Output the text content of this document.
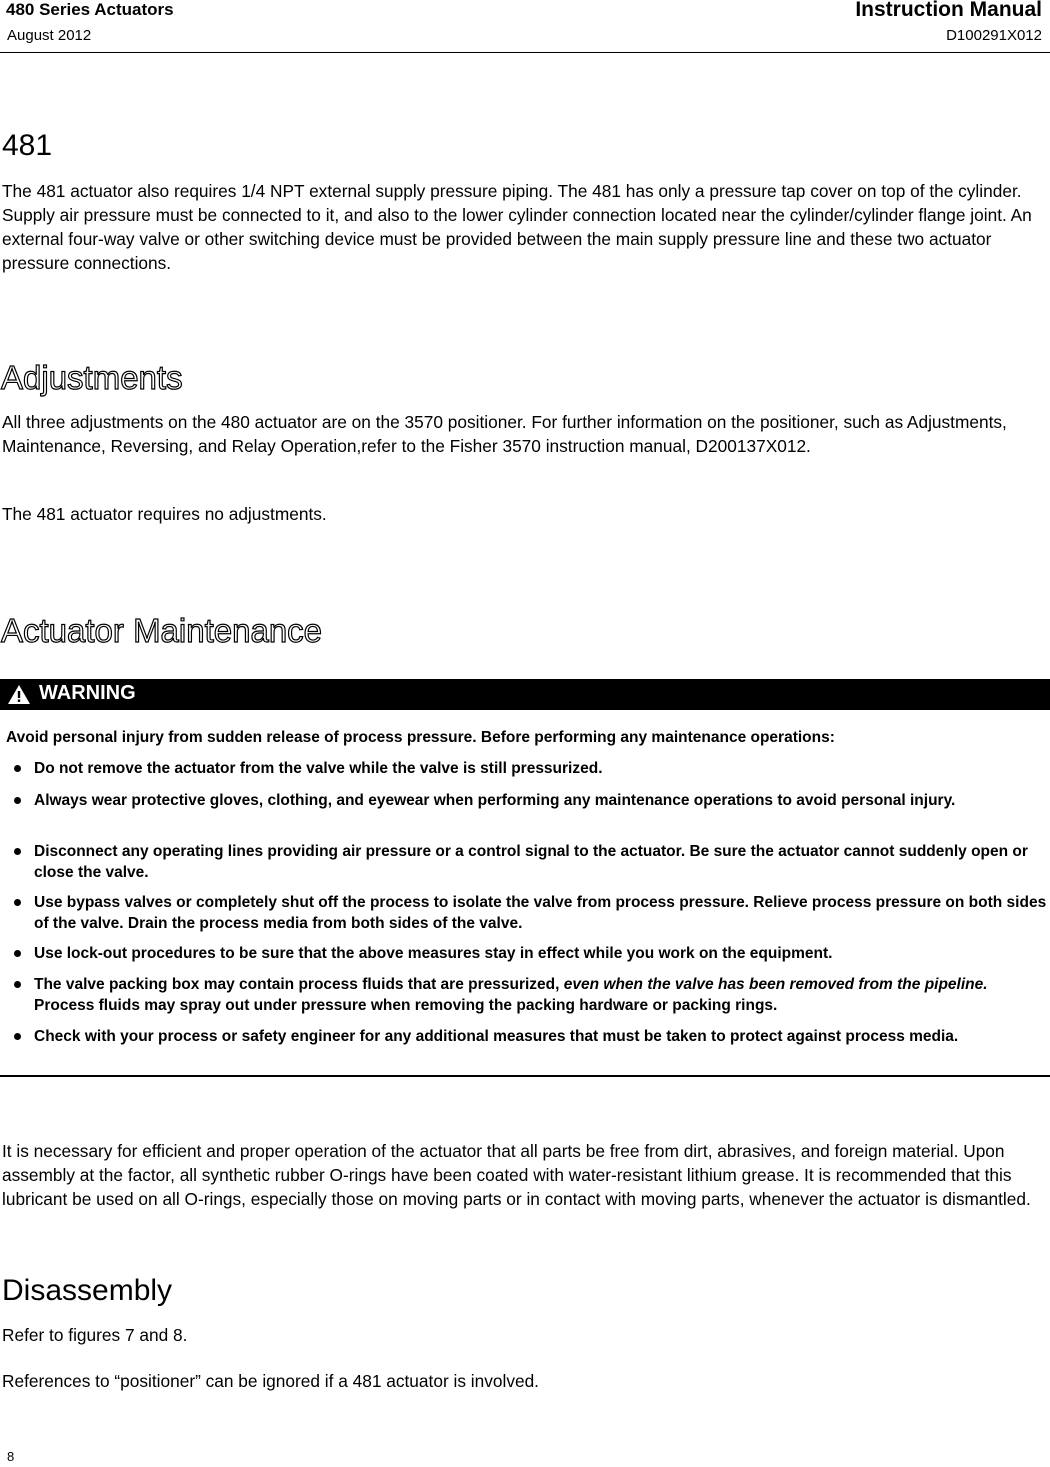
480 Series Actuators
August 2012
Instruction Manual
D100291X012
481

The 481 actuator also requires 1/4 NPT external supply pressure piping. The 481 has only a pressure tap cover on top of the cylinder. Supply air pressure must be connected to it, and also to the lower cylinder connection located near the cylinder/cylinder flange joint. An external four-way valve or other switching device must be provided between the main supply pressure line and these two actuator pressure connections.

Adjustments

All three adjustments on the 480 actuator are on the 3570 positioner. For further information on the positioner, such as Adjustments, Maintenance, Reversing, and Relay Operation,refer to the Fisher 3570 instruction manual, D200137X012.

The 481 actuator requires no adjustments.

Actuator Maintenance
WARNING
Avoid personal injury from sudden release of process pressure. Before performing any maintenance operations:
Do not remove the actuator from the valve while the valve is still pressurized.
Always wear protective gloves, clothing, and eyewear when performing any maintenance operations to avoid personal injury.
Disconnect any operating lines providing air pressure or a control signal to the actuator. Be sure the actuator cannot suddenly open or close the valve.
Use bypass valves or completely shut off the process to isolate the valve from process pressure. Relieve process pressure on both sides of the valve. Drain the process media from both sides of the valve.
Use lock-out procedures to be sure that the above measures stay in effect while you work on the equipment.
The valve packing box may contain process fluids that are pressurized, even when the valve has been removed from the pipeline. Process fluids may spray out under pressure when removing the packing hardware or packing rings.
Check with your process or safety engineer for any additional measures that must be taken to protect against process media.

It is necessary for efficient and proper operation of the actuator that all parts be free from dirt, abrasives, and foreign material. Upon assembly at the factor, all synthetic rubber O-rings have been coated with water-resistant lithium grease. It is recommended that this lubricant be used on all O-rings, especially those on moving parts or in contact with moving parts, whenever the actuator is dismantled.

Disassembly

Refer to figures 7 and 8.

References to “positioner” can be ignored if a 481 actuator is involved.

8
